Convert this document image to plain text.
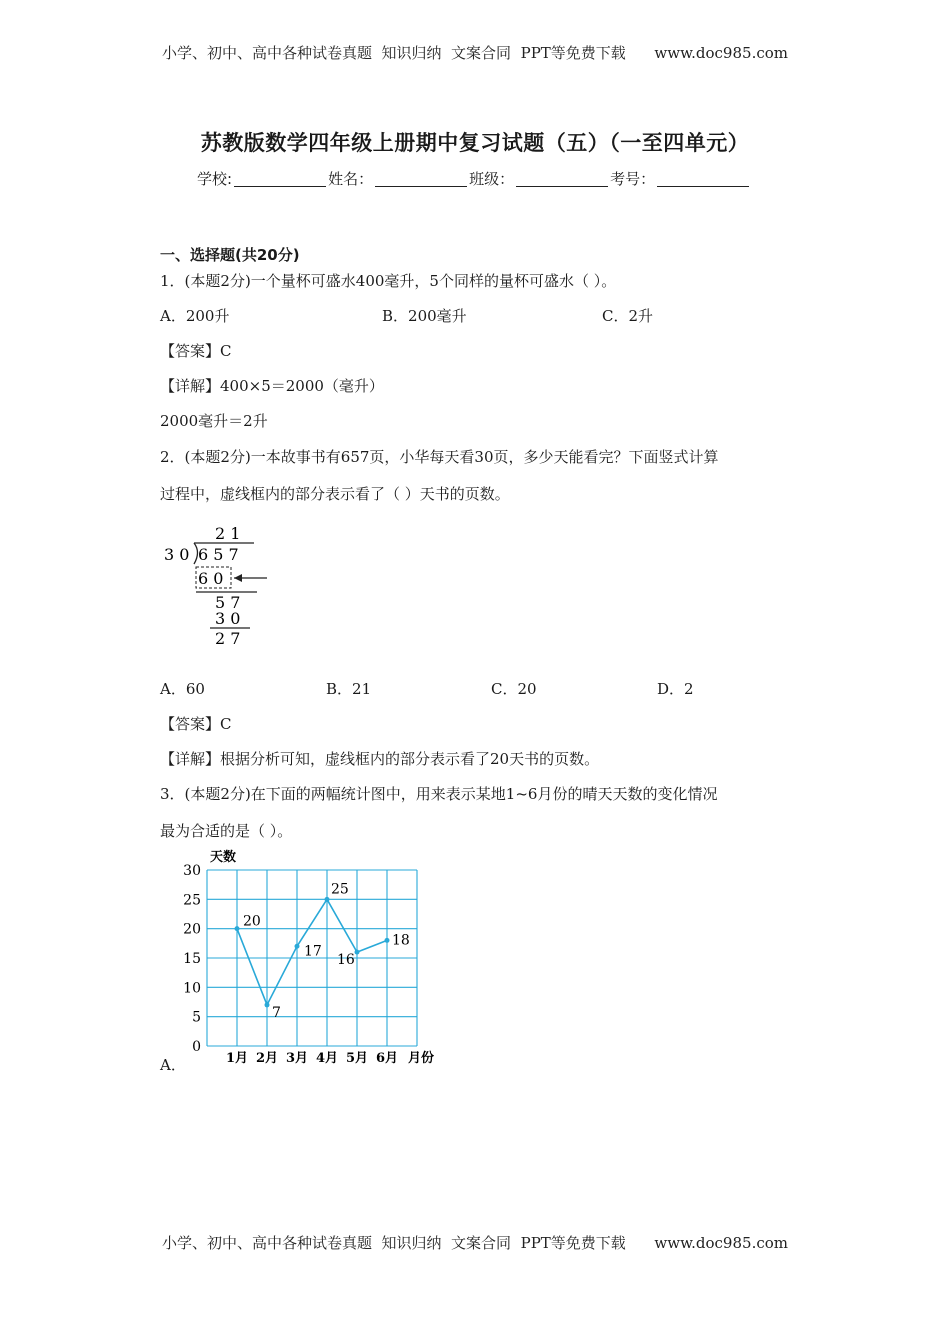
小学、初中、高中各种试卷真题  知识归纳  文案合同  PPT等免费下载      www.doc985.com
苏教版数学四年级上册期中复习试题（五）（一至四单元）
学校:	姓名：	班级：	考号：
一、选择题(共20分)
1．(本题2分)一个量杯可盛水400毫升，5个同样的量杯可盛水（ ）。
A．200升	B．200毫升	C．2升
【答案】C
【详解】400×5＝2000（毫升）
2000毫升＝2升
2．(本题2分)一本故事书有657页，小华每天看30页，多少天能看完？下面竖式计算
过程中，虚线框内的部分表示看了（ ）天书的页数。
2 1
3 0 6 5 7
6 0
5 7
3 0
2 7
A．60	B．21	C．20	D．2
【答案】C
【详解】根据分析可知，虚线框内的部分表示看了20天书的页数。
3．(本题2分)在下面的两幅统计图中，用来表示某地1~6月份的晴天天数的变化情况
最为合适的是（ ）。
0
5
10
15
20
25
30
1月 2月 3月 4月 5月 6月
天数
月份
20
7
17
25
16
18
A．
小学、初中、高中各种试卷真题  知识归纳  文案合同  PPT等免费下载      www.doc985.com
